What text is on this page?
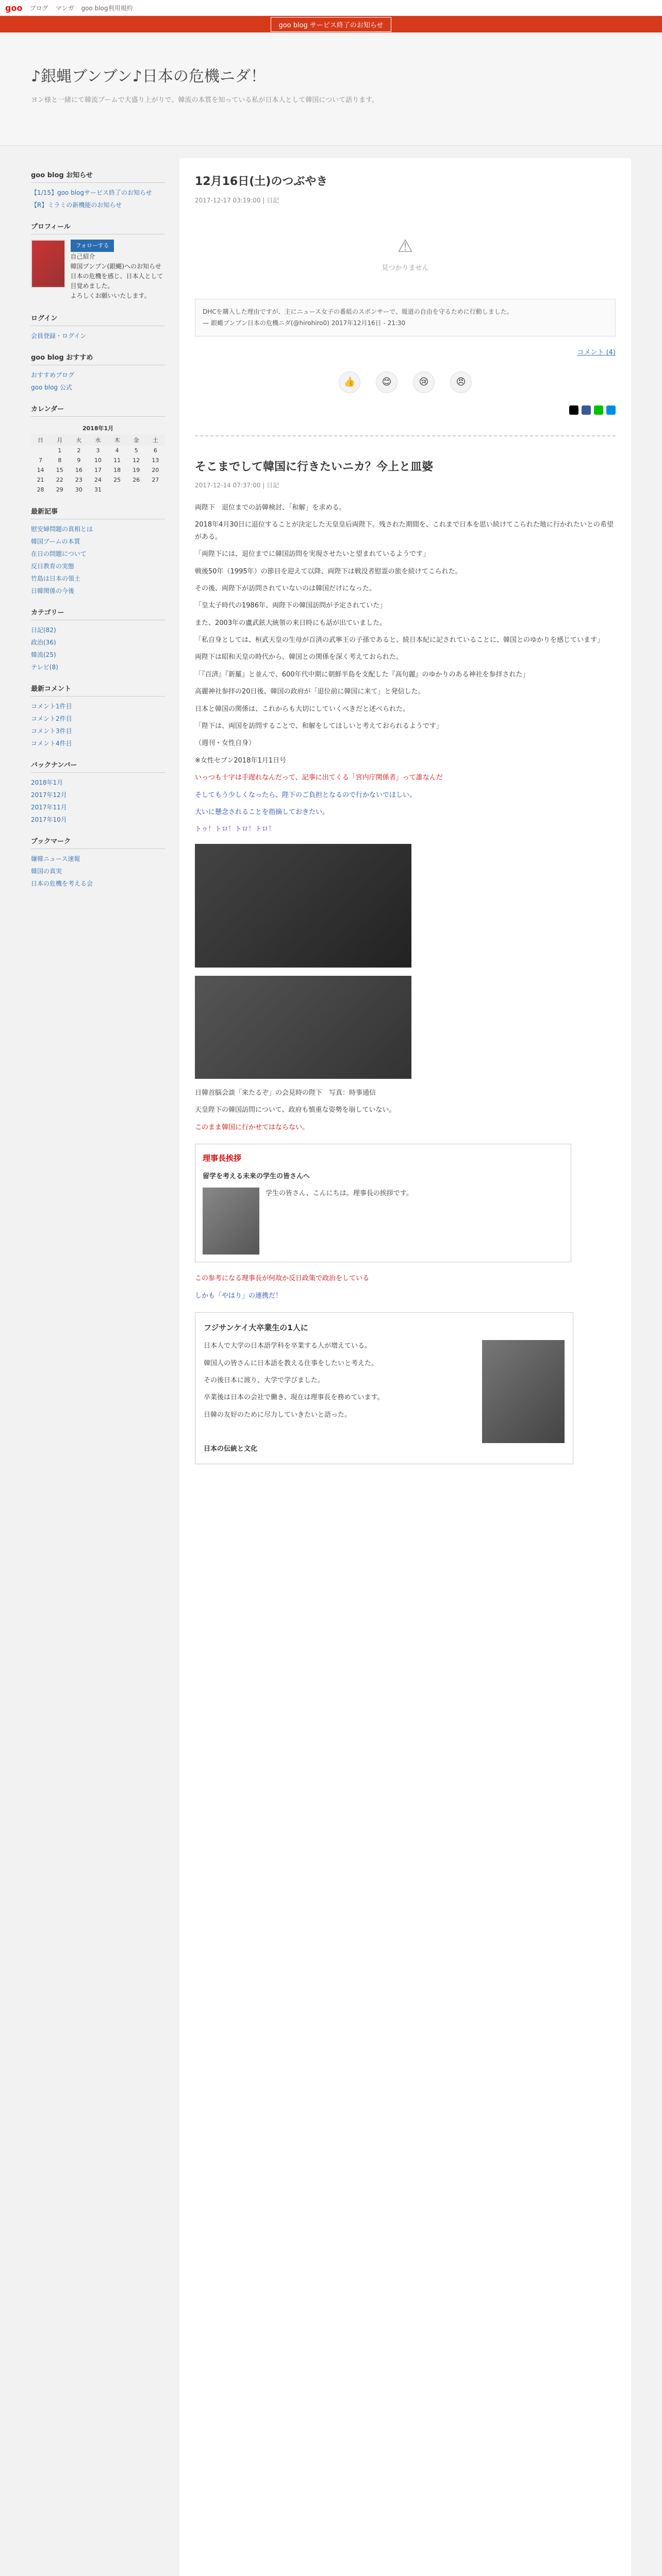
goo ブログ マンガ goo blog利用規約
goo blog サービス終了のお知らせ
♪銀蝿ブンブン♪日本の危機ニダ！

ヨン様と一緒にて韓流ブームで大盛り上がりで、韓流の本質を知っている私が日本人として韓国について語ります。

goo blog お知らせ
【1/15】goo blogサービス終了のお知らせ
【R】ミラミの新機能のお知らせ
プロフィール
フォローする
自己紹介
韓国ブンブン(銀蝿)へのお知らせ
日本の危機を感じ、日本人として目覚めました。
よろしくお願いいたします。
ログイン
会員登録・ログイン
goo blog おすすめ
おすすめブログ
goo blog 公式
カレンダー
2018年1月
日	月	火	水	木	金	土
	1	2	3	4	5	6
7	8	9	10	11	12	13
14	15	16	17	18	19	20
21	22	23	24	25	26	27
28	29	30	31			
最新記事
慰安婦問題の真相とは
韓国ブームの本質
在日の問題について
反日教育の実態
竹島は日本の領土
日韓関係の今後
カテゴリー
日記(82)
政治(36)
韓流(25)
テレビ(8)
最新コメント
コメント1件目
コメント2件目
コメント3件目
コメント4件目
バックナンバー
2018年1月
2017年12月
2017年11月
2017年10月
ブックマーク
嫌韓ニュース速報
韓国の真実
日本の危機を考える会
12月16日(土)のつぶやき
2017-12-17 03:19:00 | 日記
⚠
見つかりません
DHCを購入した理由ですが、主にニュース女子の番組のスポンサーで、報道の自由を守るために行動しました。
— 銀蝿ブンブン日本の危機ニダ(@hirohiro0) 2017年12月16日 - 21:30
コメント (4)
👍	😊	😢	😠
そこまでして韓国に行きたいニカ？今上と皿婆
2017-12-14 07:37:00 | 日記

両陛下　退位までの訪韓検討、「和解」を求める。

2018年4月30日に退位することが決定した天皇皇后両陛下。残された期間を、これまで日本を思い続けてこられた地に行かれたいとの希望がある。

「両陛下には、退位までに韓国訪問を実現させたいと望まれているようです」

戦後50年（1995年）の節目を迎えて以降、両陛下は戦没者慰霊の旅を続けてこられた。

その後、両陛下が訪問されていないのは韓国だけになった。

「皇太子時代の1986年、両陛下の韓国訪問が予定されていた」

また、2003年の盧武鉉大統領の来日時にも話が出ていました。

「私自身としては、桓武天皇の生母が百済の武寧王の子孫であると、続日本紀に記されていることに、韓国とのゆかりを感じています」

両陛下は昭和天皇の時代から、韓国との関係を深く考えておられた。

「『百済』『新羅』と並んで、600年代中期に朝鮮半島を支配した『高句麗』のゆかりのある神社を参拝された」

高麗神社参拝の20日後、韓国の政府が「退位前に韓国に来て」と発信した。

日本と韓国の関係は、これからも大切にしていくべきだと述べられた。

「陛下は、両国を訪問することで、和解をしてほしいと考えておられるようです」

（週刊・女性自身）

※女性セブン2018年1月1日号

いっつも十字は手遅れなんだって、記事に出てくる「宮内庁関係者」って誰なんだ

そしてもう少しくなったら、陛下のご負担となるので行かないでほしい。

大いに懸念されることを指摘しておきたい。

トゥ！トロ！トロ！トロ！

日韓首脳会談「来たるぞ」の会見時の陛下　写真：時事通信

天皇陛下の韓国訪問について、政府も慎重な姿勢を崩していない。

このまま韓国に行かせてはならない。

理事長挨拶
留学を考える未来の学生の皆さんへ
学生の皆さん、こんにちは。理事長の挨拶です。

この参考になる理事長が何故か反日政策で政治をしている

しかも「やはり」の連携だ！

フジサンケイ大卒業生の1人に

日本人で大学の日本語学科を卒業する人が増えている。

韓国人の皆さんに日本語を教える仕事をしたいと考えた。

その後日本に渡り、大学で学びました。

卒業後は日本の会社で働き、現在は理事長を務めています。

日韓の友好のために尽力していきたいと語った。

日本の伝統と文化
